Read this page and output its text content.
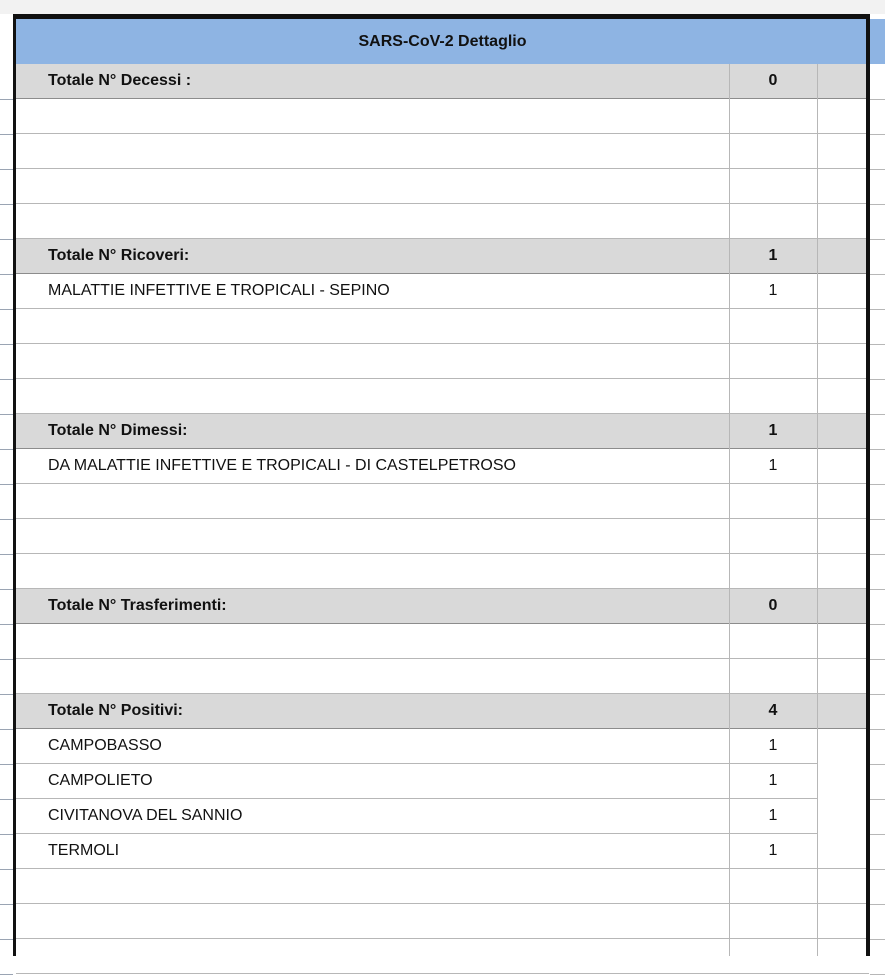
SARS-CoV-2 Dettaglio
Totale N° Decessi :	0
Totale N° Ricoveri:	1
MALATTIE INFETTIVE E TROPICALI - SEPINO	1
Totale N° Dimessi:	1
DA MALATTIE INFETTIVE E TROPICALI - DI CASTELPETROSO	1
Totale N° Trasferimenti:	0
Totale N° Positivi:	4
CAMPOBASSO	1
CAMPOLIETO	1
CIVITANOVA DEL SANNIO	1
TERMOLI	1
